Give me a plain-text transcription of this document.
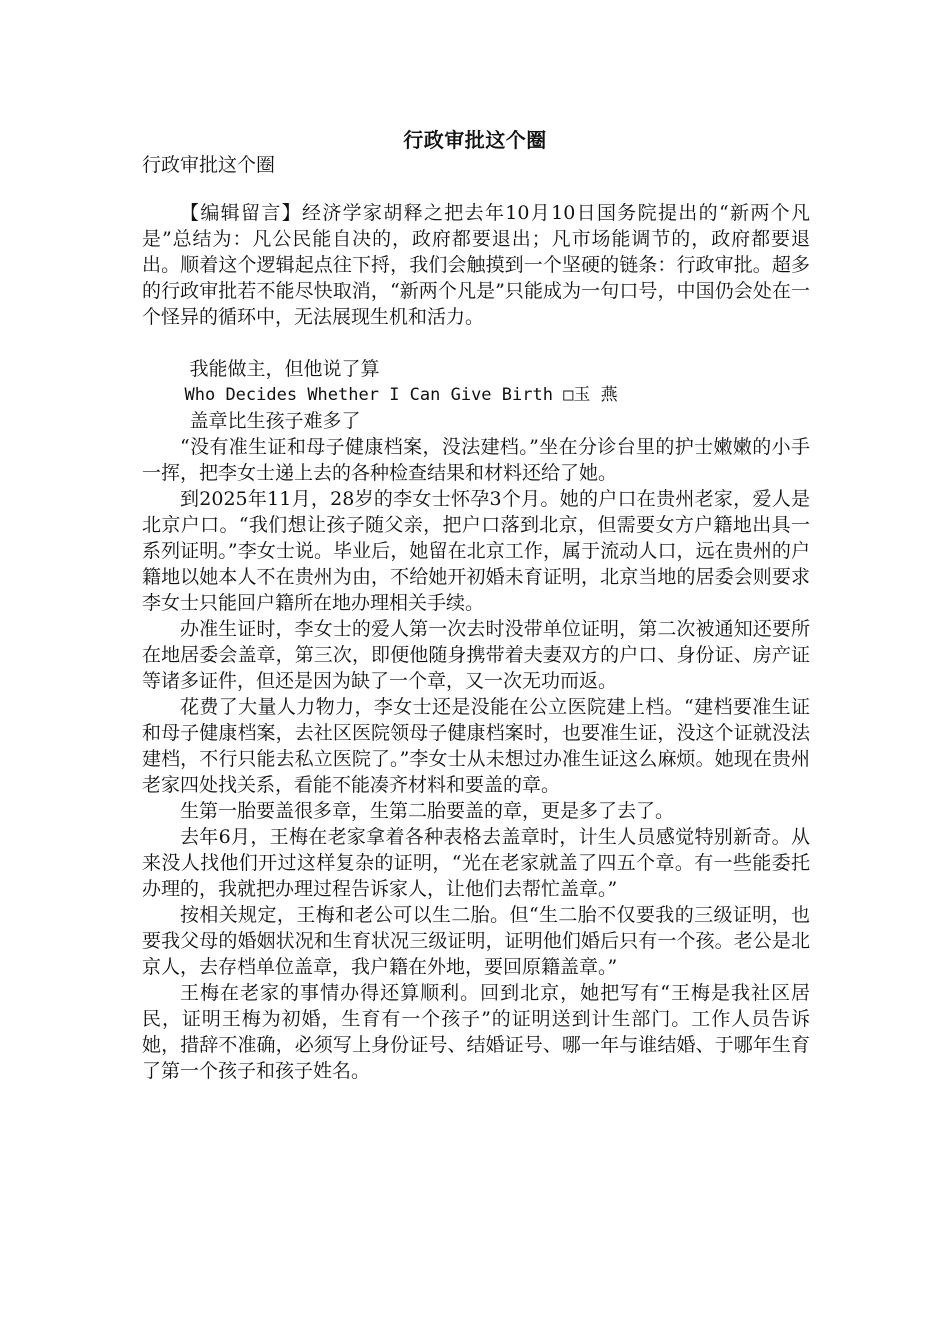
行政审批这个圈
行政审批这个圈

【编辑留言】经济学家胡释之把去年10月10日国务院提出的“新两个凡是”总结为：凡公民能自决的，政府都要退出；凡市场能调节的，政府都要退出。顺着这个逻辑起点往下捋，我们会触摸到一个坚硬的链条：行政审批。超多的行政审批若不能尽快取消，“新两个凡是”只能成为一句口号，中国仍会处在一个怪异的循环中，无法展现生机和活力。

我能做主，但他说了算

Who Decides Whether I Can Give Birth □玉 燕

盖章比生孩子难多了

“没有准生证和母子健康档案，没法建档。”坐在分诊台里的护士嫩嫩的小手一挥，把李女士递上去的各种检查结果和材料还给了她。

到2025年11月，28岁的李女士怀孕3个月。她的户口在贵州老家，爱人是北京户口。“我们想让孩子随父亲，把户口落到北京，但需要女方户籍地出具一系列证明。”李女士说。毕业后，她留在北京工作，属于流动人口，远在贵州的户籍地以她本人不在贵州为由，不给她开初婚未育证明，北京当地的居委会则要求李女士只能回户籍所在地办理相关手续。

办准生证时，李女士的爱人第一次去时没带单位证明，第二次被通知还要所在地居委会盖章，第三次，即便他随身携带着夫妻双方的户口、身份证、房产证等诸多证件，但还是因为缺了一个章，又一次无功而返。

花费了大量人力物力，李女士还是没能在公立医院建上档。“建档要准生证和母子健康档案，去社区医院领母子健康档案时，也要准生证，没这个证就没法建档，不行只能去私立医院了。”李女士从未想过办准生证这么麻烦。她现在贵州老家四处找关系，看能不能凑齐材料和要盖的章。

生第一胎要盖很多章，生第二胎要盖的章，更是多了去了。

去年6月，王梅在老家拿着各种表格去盖章时，计生人员感觉特别新奇。从来没人找他们开过这样复杂的证明，“光在老家就盖了四五个章。有一些能委托办理的，我就把办理过程告诉家人，让他们去帮忙盖章。”

按相关规定，王梅和老公可以生二胎。但“生二胎不仅要我的三级证明，也要我父母的婚姻状况和生育状况三级证明，证明他们婚后只有一个孩。老公是北京人，去存档单位盖章，我户籍在外地，要回原籍盖章。”

王梅在老家的事情办得还算顺利。回到北京，她把写有“王梅是我社区居民，证明王梅为初婚，生育有一个孩子”的证明送到计生部门。工作人员告诉她，措辞不准确，必须写上身份证号、结婚证号、哪一年与谁结婚、于哪年生育了第一个孩子和孩子姓名。
